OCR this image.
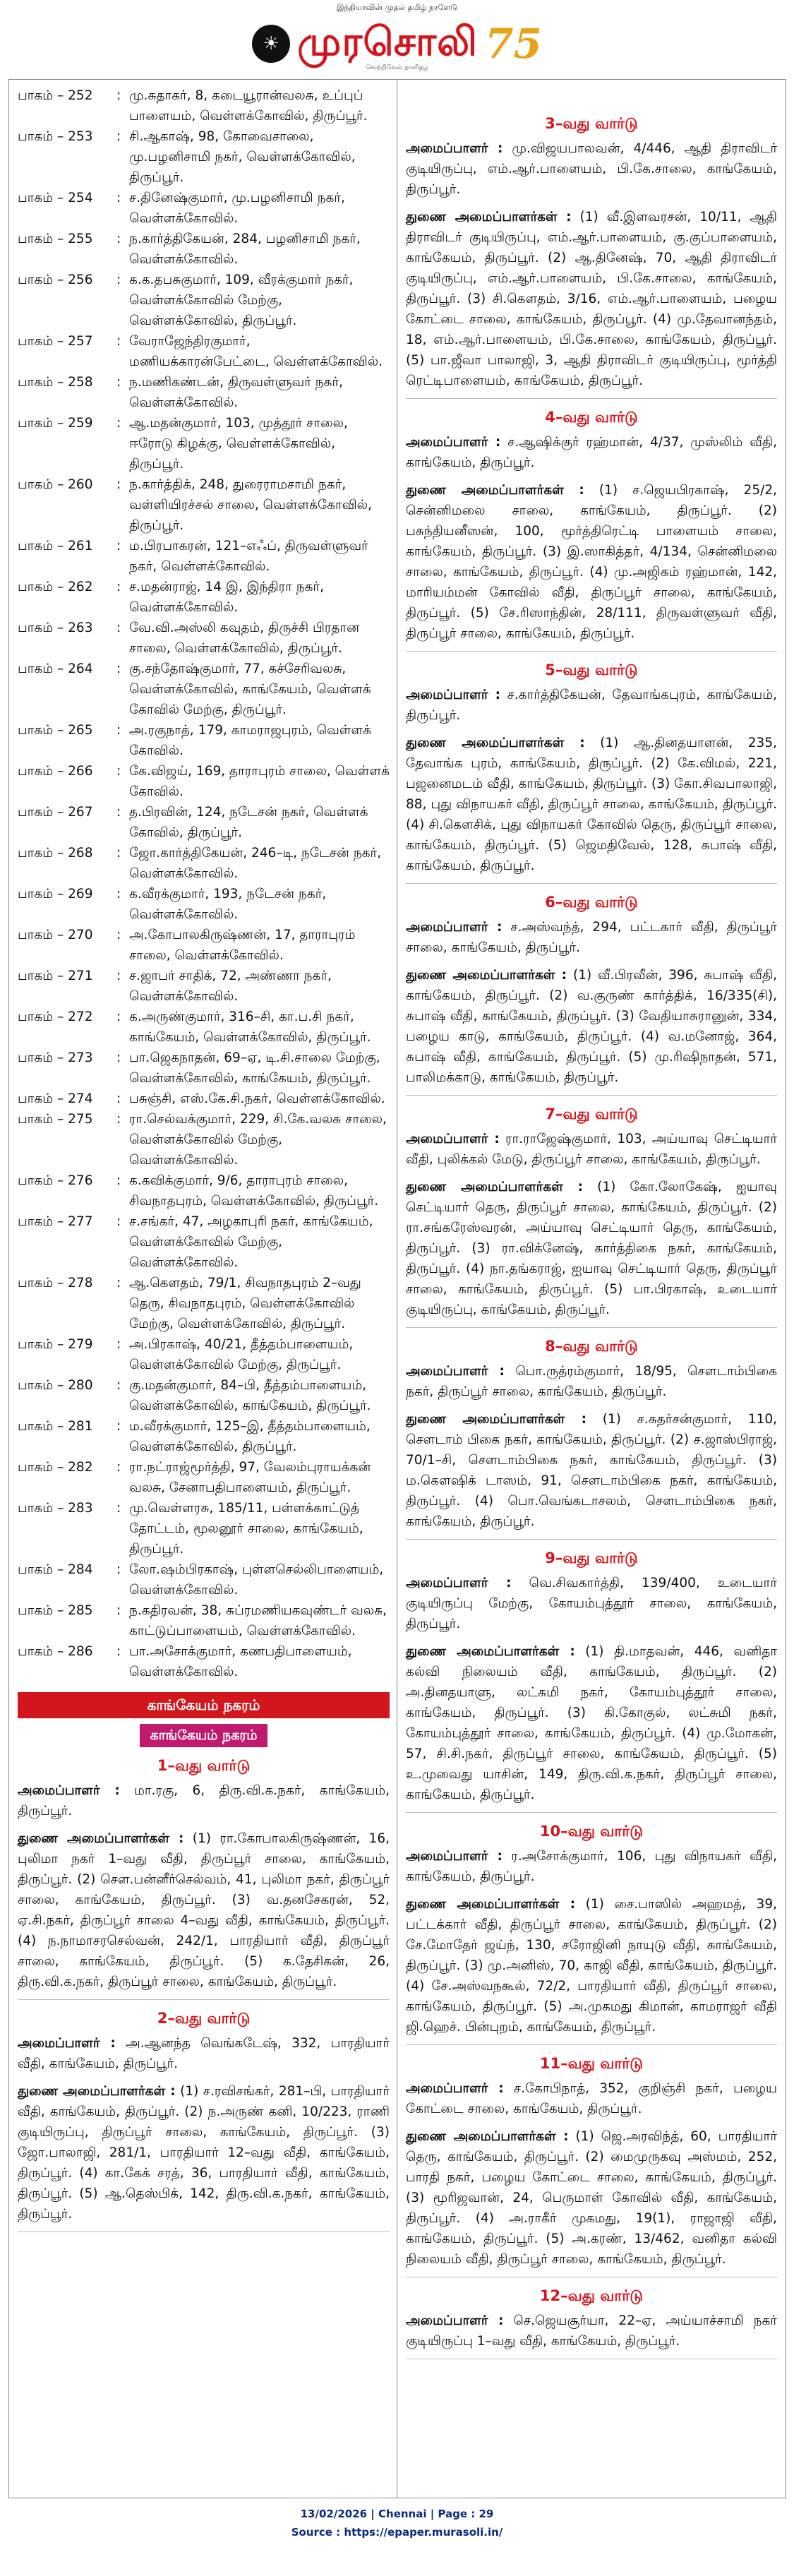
இந்தியாவின் முதல் தமிழ் நாளேடு
☀ முரசொலி 75
வெற்றிவேல் நாளிதழ்
பாகம் – 252	: மு.சுதாகர், 8, கடையூரான்வலசு, உப்புப் பாளையம், வெள்ளக்கோவில், திருப்பூர்.
பாகம் – 253	: சி.ஆகாஷ், 98, கோவைசாலை, மு.பழனிசாமி நகர், வெள்ளக்கோவில், திருப்பூர்.
பாகம் – 254	: ச.தினேஷ்குமார், மு.பழனிசாமி நகர், வெள்ளக்கோவில்.
பாகம் – 255	: ந.கார்த்திகேயன், 284, பழனிசாமி நகர், வெள்ளக்கோவில்.
பாகம் – 256	: க.க.தபசுகுமார், 109, வீரக்குமார் நகர், வெள்ளக்கோவில் மேற்கு, வெள்ளக்கோவில், திருப்பூர்.
பாகம் – 257	: வேராஜேந்திரகுமார், மணியக்காரன்பேட்டை, வெள்ளக்கோவில்.
பாகம் – 258	: ந.மணிகண்டன், திருவள்ளுவர் நகர், வெள்ளக்கோவில்.
பாகம் – 259	: ஆ.மதன்குமார், 103, முத்தூர் சாலை, ஈரோடு கிழக்கு, வெள்ளக்கோவில், திருப்பூர்.
பாகம் – 260	: ந.கார்த்திக், 248, துரைராமசாமி நகர், வள்ளியிரச்சல் சாலை, வெள்ளக்கோவில், திருப்பூர்.
பாகம் – 261	: ம.பிரபாகரன், 121–எஃப், திருவள்ளுவர் நகர், வெள்ளக்கோவில்.
பாகம் – 262	: ச.மதன்ராஜ், 14 இ, இந்திரா நகர், வெள்ளக்கோவில்.
பாகம் – 263	: வே.வி.அஸ்லி கவுதம், திருச்சி பிரதான சாலை, வெள்ளக்கோவில், திருப்பூர்.
பாகம் – 264	: கு.சந்தோஷ்குமார், 77, கச்சேரிவலசு, வெள்ளக்கோவில், காங்கேயம், வெள்ளக் கோவில் மேற்கு, திருப்பூர்.
பாகம் – 265	: அ.ரகுநாத், 179, காமராஜபுரம், வெள்ளக் கோவில்.
பாகம் – 266	: கே.விஜய், 169, தாராபுரம் சாலை, வெள்ளக் கோவில்.
பாகம் – 267	: த.பிரவின், 124, நடேசன் நகர், வெள்ளக் கோவில், திருப்பூர்.
பாகம் – 268	: ஜோ.கார்த்திகேயன், 246–டி, நடேசன் நகர், வெள்ளக்கோவில்.
பாகம் – 269	: க.வீரக்குமார், 193, நடேசன் நகர், வெள்ளக்கோவில்.
பாகம் – 270	: அ.கோபாலகிருஷ்ணன், 17, தாராபுரம் சாலை, வெள்ளக்கோவில்.
பாகம் – 271	: ச.ஜாபர் சாதிக், 72, அண்ணா நகர், வெள்ளக்கோவில்.
பாகம் – 272	: க.அருண்குமார், 316–சி, கா.ப.சி நகர், காங்கேயம், வெள்ளக்கோவில், திருப்பூர்.
பாகம் – 273	: பா.ஜெகநாதன், 69–ஏ, டி.சி.சாலை மேற்கு, வெள்ளக்கோவில், காங்கேயம், திருப்பூர்.
பாகம் – 274	: பசுஞ்சி, எஸ்.கே.சி.நகர், வெள்ளக்கோவில்.
பாகம் – 275	: ரா.செல்வக்குமார், 229, சி.கே.வலசு சாலை, வெள்ளக்கோவில் மேற்கு, வெள்ளக்கோவில்.
பாகம் – 276	: க.கவிக்குமார், 9/6, தாராபுரம் சாலை, சிவநாதபுரம், வெள்ளக்கோவில், திருப்பூர்.
பாகம் – 277	: ச.சங்கர், 47, அழகாபுரி நகர், காங்கேயம், வெள்ளக்கோவில் மேற்கு, வெள்ளக்கோவில்.
பாகம் – 278	: ஆ.கௌதம், 79/1, சிவநாதபுரம் 2–வது தெரு, சிவநாதபுரம், வெள்ளக்கோவில் மேற்கு, வெள்ளக்கோவில், திருப்பூர்.
பாகம் – 279	: அ.பிரகாஷ், 40/21, தீத்தம்பாளையம், வெள்ளக்கோவில் மேற்கு, திருப்பூர்.
பாகம் – 280	: கு.மதன்குமார், 84–பி, தீத்தம்பாளையம், வெள்ளக்கோவில், காங்கேயம், திருப்பூர்.
பாகம் – 281	: ம.வீரக்குமார், 125–இ, தீத்தம்பாளையம், வெள்ளக்கோவில், திருப்பூர்.
பாகம் – 282	: ரா.நட்ராஜ்மூர்த்தி, 97, வேலம்புராயக்கன் வலசு, சேனாபதிபாளையம், திருப்பூர்.
பாகம் – 283	: மு.வெள்ளரசு, 185/11, பள்ளக்காட்டுத் தோட்டம், மூலனூர் சாலை, காங்கேயம், திருப்பூர்.
பாகம் – 284	: லோ.ஷம்பிரகாஷ், புள்ளசெல்லிபாளையம், வெள்ளக்கோவில்.
பாகம் – 285	: ந.கதிரவன், 38, சுப்ரமணியகவுண்டர் வலசு, காட்டுப்பாளையம், வெள்ளக்கோவில்.
பாகம் – 286	: பா.அசோக்குமார், கணபதிபாளையம், வெள்ளக்கோவில்.
காங்கேயம் நகரம்
காங்கேயம் நகரம்
1–வது வார்டு

அமைப்பாளர் : மா.ரகு, 6, திரு.வி.க.நகர், காங்கேயம், திருப்பூர்.

துணை அமைப்பாளர்கள் : (1) ரா.கோபாலகிருஷ்ணன், 16, புலிமா நகர் 1–வது வீதி, திருப்பூர் சாலை, காங்கேயம், திருப்பூர். (2) சௌ.பன்னீர்செல்வம், 41, புலிமா நகர், திருப்பூர் சாலை, காங்கேயம், திருப்பூர். (3) வ.தனசேகரன், 52, ஏ.சி.நகர், திருப்பூர் சாலை 4–வது வீதி, காங்கேயம், திருப்பூர். (4) ந.நாமாசரசெல்வன், 242/1, பாரதியார் வீதி, திருப்பூர் சாலை, காங்கேயம், திருப்பூர். (5) க.தேசிகன், 26, திரு.வி.க.நகர், திருப்பூர் சாலை, காங்கேயம், திருப்பூர்.

2–வது வார்டு

அமைப்பாளர் : அ.ஆனந்த வெங்கடேஷ், 332, பாரதியார் வீதி, காங்கேயம், திருப்பூர்.

துணை அமைப்பாளர்கள் : (1) ச.ரவிசங்கர், 281–பி, பாரதியார் வீதி, காங்கேயம், திருப்பூர். (2) ந.அருண் கனி, 10/223, ராணி குடியிருப்பு, திருப்பூர் சாலை, காங்கேயம், திருப்பூர். (3) ஜோ.பாலாஜி, 281/1, பாரதியார் 12–வது வீதி, காங்கேயம், திருப்பூர். (4) கா.கேக் சரத், 36, பாரதியார் வீதி, காங்கேயம், திருப்பூர். (5) ஆ.தெஸ்பிக், 142, திரு.வி.க.நகர், காங்கேயம், திருப்பூர்.

3–வது வார்டு

அமைப்பாளர் : மு.விஜயபாலவன், 4/446, ஆதி திராவிடர் குடியிருப்பு, எம்.ஆர்.பாளையம், பி.கே.சாலை, காங்கேயம், திருப்பூர்.

துணை அமைப்பாளர்கள் : (1) வீ.இளவரசன், 10/11, ஆதி திராவிடர் குடியிருப்பு, எம்.ஆர்.பாளையம், கு.குப்பாளையம், காங்கேயம், திருப்பூர். (2) ஆ.தினேஷ், 70, ஆதி திராவிடர் குடியிருப்பு, எம்.ஆர்.பாளையம், பி.கே.சாலை, காங்கேயம், திருப்பூர். (3) சி.கௌதம், 3/16, எம்.ஆர்.பாளையம், பழைய கோட்டை சாலை, காங்கேயம், திருப்பூர். (4) மு.தேவானந்தம், 18, எம்.ஆர்.பாளையம், பி.கே.சாலை, காங்கேயம், திருப்பூர். (5) பா.ஜீவா பாலாஜி, 3, ஆதி திராவிடர் குடியிருப்பு, மூர்த்தி ரெட்டிபாளையம், காங்கேயம், திருப்பூர்.

4–வது வார்டு

அமைப்பாளர் : ச.ஆஷிக்குர் ரஹ்மான், 4/37, முஸ்லிம் வீதி, காங்கேயம், திருப்பூர்.

துணை அமைப்பாளர்கள் : (1) ச.ஜெயபிரகாஷ், 25/2, சென்னிமலை சாலை, காங்கேயம், திருப்பூர். (2) பசுந்தியனீஸன், 100, மூர்த்திரெட்டி பாளையம் சாலை, காங்கேயம், திருப்பூர். (3) இ.ஸாகித்தர், 4/134, சென்னிமலை சாலை, காங்கேயம், திருப்பூர். (4) மு.அஜிகம் ரஹ்மான், 142, மாரியம்மன் கோவில் வீதி, திருப்பூர் சாலை, காங்கேயம், திருப்பூர். (5) சே.ரிஸாந்தின், 28/111, திருவள்ளுவர் வீதி, திருப்பூர் சாலை, காங்கேயம், திருப்பூர்.

5–வது வார்டு

அமைப்பாளர் : ச.கார்த்திகேயன், தேவாங்கபுரம், காங்கேயம், திருப்பூர்.

துணை அமைப்பாளர்கள் : (1) ஆ.தினதயாளன், 235, தேவாங்க புரம், காங்கேயம், திருப்பூர். (2) கே.விமல், 221, பஜனைமடம் வீதி, காங்கேயம், திருப்பூர். (3) கோ.சிவபாலாஜி, 88, புது விநாயகர் வீதி, திருப்பூர் சாலை, காங்கேயம், திருப்பூர். (4) சி.கௌசிக், புது விநாயகர் கோவில் தெரு, திருப்பூர் சாலை, காங்கேயம், திருப்பூர். (5) ஜெமதிவேல், 128, சுபாஷ் வீதி, காங்கேயம், திருப்பூர்.

6–வது வார்டு

அமைப்பாளர் : ச.அஸ்வந்த், 294, பட்டகார் வீதி, திருப்பூர் சாலை, காங்கேயம், திருப்பூர்.

துணை அமைப்பாளர்கள் : (1) வீ.பிரவீன், 396, சுபாஷ் வீதி, காங்கேயம், திருப்பூர். (2) வ.குருண் கார்த்திக், 16/335(சி), சுபாஷ் வீதி, காங்கேயம், திருப்பூர். (3) வேதியாசுரானுன், 334, பழைய காடு, காங்கேயம், திருப்பூர். (4) வ.மனோஜ், 364, சுபாஷ் வீதி, காங்கேயம், திருப்பூர். (5) மு.ரிஷிநாதன், 571, பாலிமக்காடு, காங்கேயம், திருப்பூர்.

7–வது வார்டு

அமைப்பாளர் : ரா.ராஜேஷ்குமார், 103, அய்யாவு செட்டியார் வீதி, புலிக்கல் மேடு, திருப்பூர் சாலை, காங்கேயம், திருப்பூர்.

துணை அமைப்பாளர்கள் : (1) கோ.லோகேஷ், ஐயாவு செட்டியார் தெரு, திருப்பூர் சாலை, காங்கேயம், திருப்பூர். (2) ரா.சங்கரேஸ்வரன், அய்யாவு செட்டியார் தெரு, காங்கேயம், திருப்பூர். (3) ரா.விக்னேஷ், கார்த்திகை நகர், காங்கேயம், திருப்பூர். (4) நா.தங்கராஜ், ஐயாவு செட்டியார் தெரு, திருப்பூர் சாலை, காங்கேயம், திருப்பூர். (5) பா.பிரகாஷ், உடையார் குடியிருப்பு, காங்கேயம், திருப்பூர்.

8–வது வார்டு

அமைப்பாளர் : பொ.ருத்ரம்குமார், 18/95, சௌடாம்பிகை நகர், திருப்பூர் சாலை, காங்கேயம், திருப்பூர்.

துணை அமைப்பாளர்கள் : (1) ச.சுதர்சன்குமார், 110, சௌடாம் பிகை நகர், காங்கேயம், திருப்பூர். (2) ச.ஜாஸ்பிராஜ், 70/1–சி, சௌடாம்பிகை நகர், காங்கேயம், திருப்பூர். (3) ம.கௌஷிக் டாஸம், 91, சௌடாம்பிகை நகர், காங்கேயம், திருப்பூர். (4) பொ.வெங்கடாசலம், சௌடாம்பிகை நகர், காங்கேயம், திருப்பூர்.

9–வது வார்டு

அமைப்பாளர் : வெ.சிவகார்த்தி, 139/400, உடையார் குடியிருப்பு மேற்கு, கோயம்புத்தூர் சாலை, காங்கேயம், திருப்பூர்.

துணை அமைப்பாளர்கள் : (1) தி.மாதவன், 446, வனிதா கல்வி நிலையம் வீதி, காங்கேயம், திருப்பூர். (2) அ.தினதயாளு, லட்சுமி நகர், கோயம்புத்தூர் சாலை, காங்கேயம், திருப்பூர். (3) கி.கோகுல், லட்சுமி நகர், கோயம்புத்தூர் சாலை, காங்கேயம், திருப்பூர். (4) மு.மோகன், 57, சி.சி.நகர், திருப்பூர் சாலை, காங்கேயம், திருப்பூர். (5) உ.முவைது யாசின், 149, திரு.வி.க.நகர், திருப்பூர் சாலை, காங்கேயம், திருப்பூர்.

10–வது வார்டு

அமைப்பாளர் : ர.அசோக்குமார், 106, புது விநாயகர் வீதி, காங்கேயம், திருப்பூர்.

துணை அமைப்பாளர்கள் : (1) சை.பாஸில் அஹமத், 39, பட்டக்கார் வீதி, திருப்பூர் சாலை, காங்கேயம், திருப்பூர். (2) சே.மோதேர் ஜய்ந், 130, சரோஜினி நாயுடு வீதி, காங்கேயம், திருப்பூர். (3) மு.அனிஸ், 70, காஜி வீதி, காங்கேயம், திருப்பூர். (4) சே.அஸ்வநகூல், 72/2, பாரதியார் வீதி, திருப்பூர் சாலை, காங்கேயம், திருப்பூர். (5) அ.முகமது கிமான், காமராஜர் வீதி ஜி.ஹெச். பின்புறம், காங்கேயம், திருப்பூர்.

11–வது வார்டு

அமைப்பாளர் : ச.கோபிநாத், 352, குறிஞ்சி நகர், பழைய கோட்டை சாலை, காங்கேயம், திருப்பூர்.

துணை அமைப்பாளர்கள் : (1) ஜெ.அரவிந்த், 60, பாரதியார் தெரு, காங்கேயம், திருப்பூர். (2) மைமுருகவு அஸ்மம், 252, பாரதி நகர், பழைய கோட்டை சாலை, காங்கேயம், திருப்பூர். (3) மூரிஜவான், 24, பெருமாள் கோவில் வீதி, காங்கேயம், திருப்பூர். (4) அ.ராகீர் முகமது, 19(1), ராஜாஜி வீதி, காங்கேயம், திருப்பூர். (5) அ.கரண், 13/462, வனிதா கல்வி நிலையம் வீதி, திருப்பூர் சாலை, காங்கேயம், திருப்பூர்.

12–வது வார்டு

அமைப்பாளர் : செ.ஜெயசூர்யா, 22–ஏ, அய்யாச்சாமி நகர் குடியிருப்பு 1–வது வீதி, காங்கேயம், திருப்பூர்.

13/02/2026 | Chennai | Page : 29
Source : https://epaper.murasoli.in/
